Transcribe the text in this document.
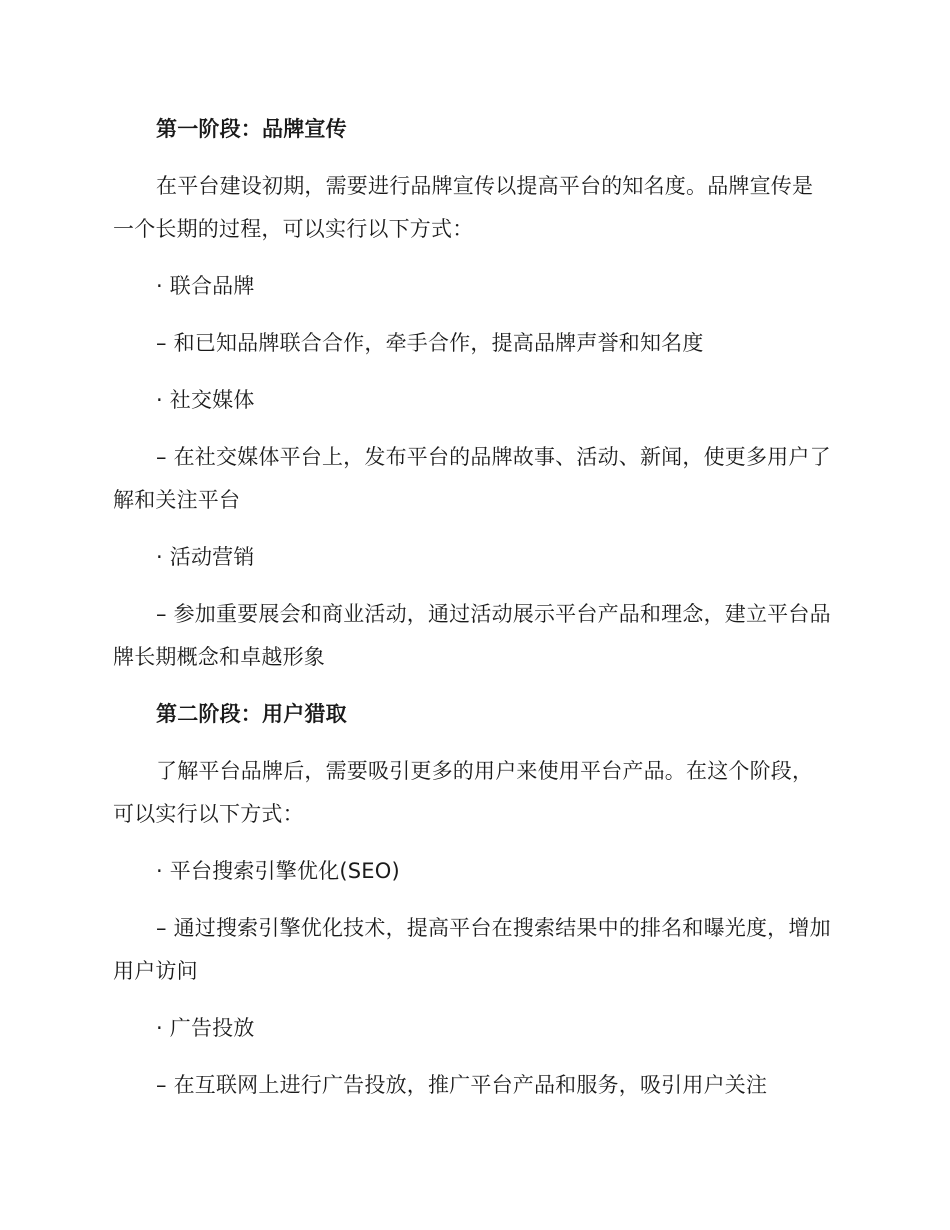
第一阶段：品牌宣传

在平台建设初期，需要进行品牌宣传以提高平台的知名度。品牌宣传是一个长期的过程，可以实行以下方式：

· 联合品牌

– 和已知品牌联合合作，牵手合作，提高品牌声誉和知名度

· 社交媒体

– 在社交媒体平台上，发布平台的品牌故事、活动、新闻，使更多用户了解和关注平台

· 活动营销

– 参加重要展会和商业活动，通过活动展示平台产品和理念，建立平台品牌长期概念和卓越形象

第二阶段：用户猎取

了解平台品牌后，需要吸引更多的用户来使用平台产品。在这个阶段，可以实行以下方式：

· 平台搜索引擎优化(SEO)

– 通过搜索引擎优化技术，提高平台在搜索结果中的排名和曝光度，增加用户访问

· 广告投放

– 在互联网上进行广告投放，推广平台产品和服务，吸引用户关注
